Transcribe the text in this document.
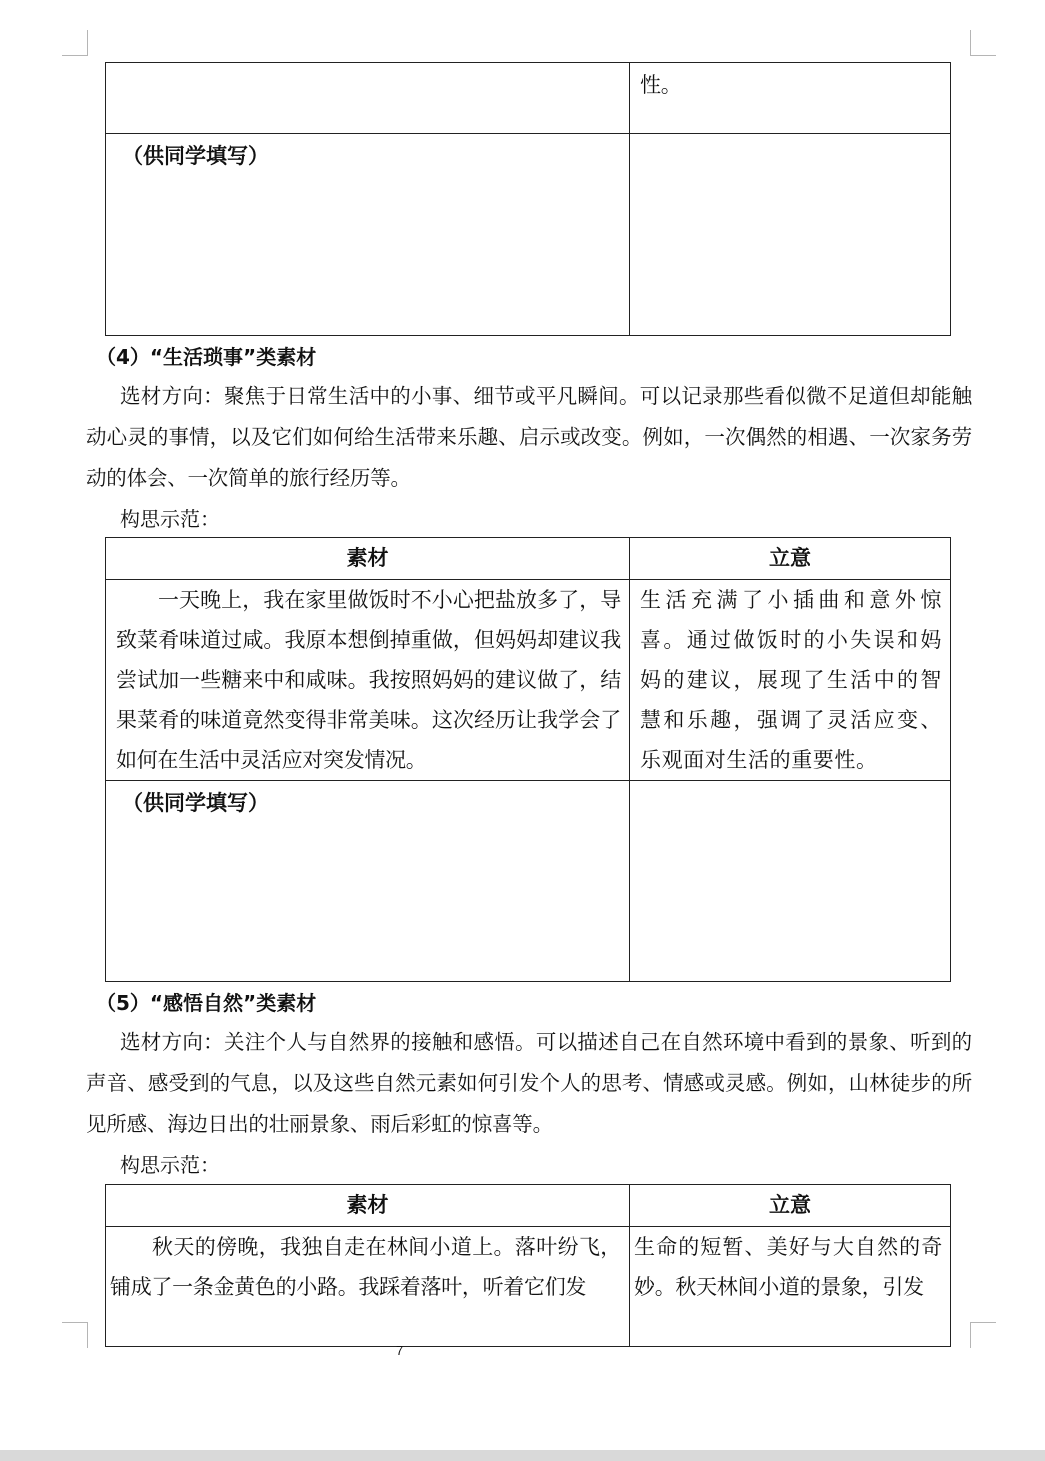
	性。
（供同学填写）	
（4）“生活琐事”类素材
选材方向：聚焦于日常生活中的小事、细节或平凡瞬间。可以记录那些看似微不足道但却能触动心灵的事情，以及它们如何给生活带来乐趣、启示或改变。例如，一次偶然的相遇、一次家务劳动的体会、一次简单的旅行经历等。
构思示范：
素材	立意
一天晚上，我在家里做饭时不小心把盐放多了，导致菜肴味道过咸。我原本想倒掉重做，但妈妈却建议我尝试加一些糖来中和咸味。我按照妈妈的建议做了，结果菜肴的味道竟然变得非常美味。这次经历让我学会了如何在生活中灵活应对突发情况。	生活充满了小插曲和意外惊喜。通过做饭时的小失误和妈妈的建议，展现了生活中的智慧和乐趣，强调了灵活应变、乐观面对生活的重要性。
（供同学填写）	
（5）“感悟自然”类素材
选材方向：关注个人与自然界的接触和感悟。可以描述自己在自然环境中看到的景象、听到的声音、感受到的气息，以及这些自然元素如何引发个人的思考、情感或灵感。例如，山林徒步的所见所感、海边日出的壮丽景象、雨后彩虹的惊喜等。
构思示范：
素材	立意
秋天的傍晚，我独自走在林间小道上。落叶纷飞，铺成了一条金黄色的小路。我踩着落叶，听着它们发	生命的短暂、美好与大自然的奇妙。秋天林间小道的景象，引发
7
